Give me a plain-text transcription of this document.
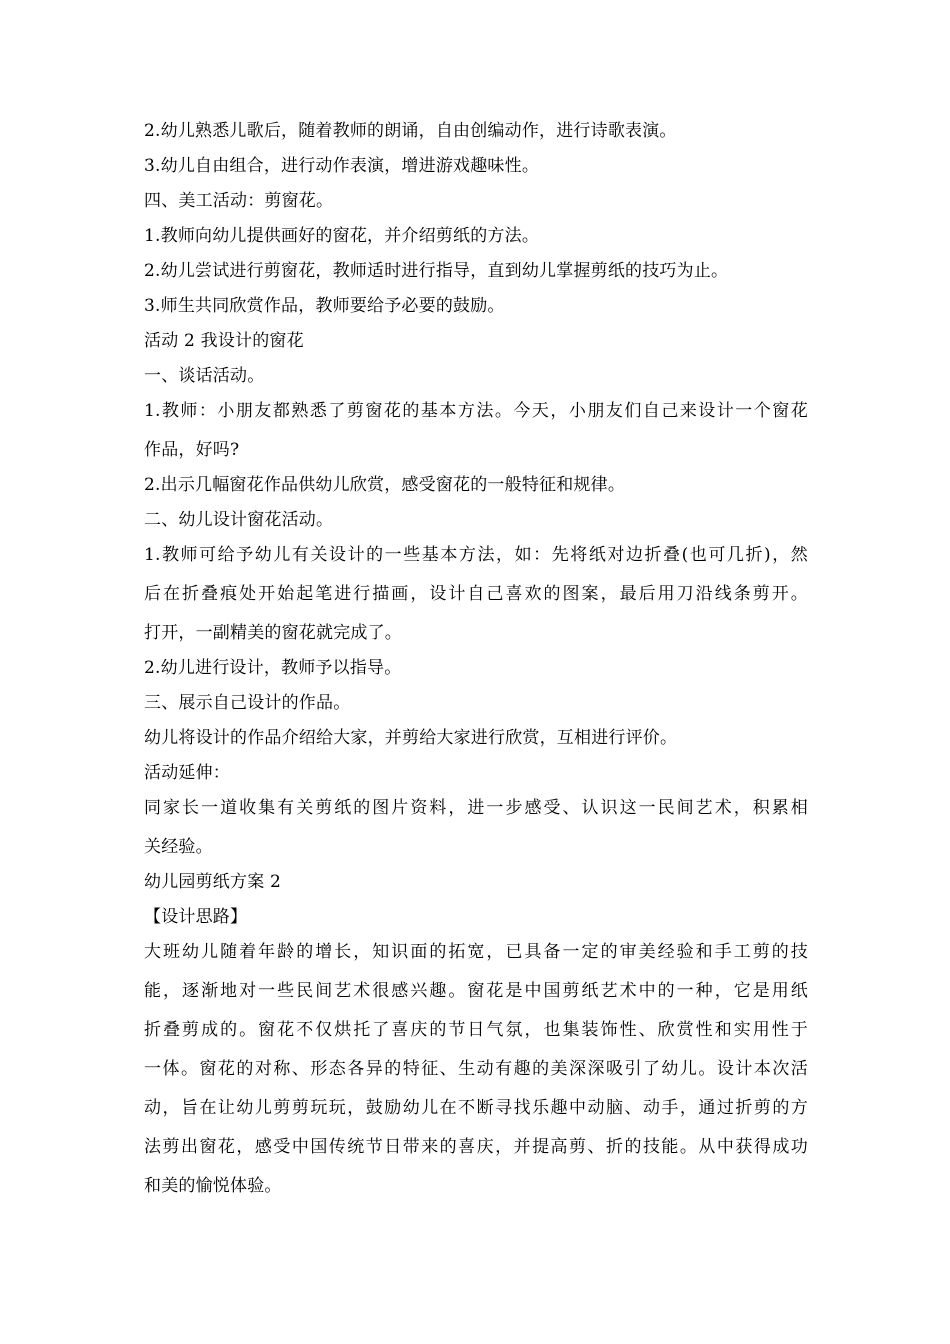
2.幼儿熟悉儿歌后，随着教师的朗诵，自由创编动作，进行诗歌表演。
3.幼儿自由组合，进行动作表演，增进游戏趣味性。
四、美工活动：剪窗花。
1.教师向幼儿提供画好的窗花，并介绍剪纸的方法。
2.幼儿尝试进行剪窗花，教师适时进行指导，直到幼儿掌握剪纸的技巧为止。
3.师生共同欣赏作品，教师要给予必要的鼓励。
活动 2 我设计的窗花
一、谈话活动。
1.教师：小朋友都熟悉了剪窗花的基本方法。今天，小朋友们自己来设计一个窗花
作品，好吗?
2.出示几幅窗花作品供幼儿欣赏，感受窗花的一般特征和规律。
二、幼儿设计窗花活动。
1.教师可给予幼儿有关设计的一些基本方法，如：先将纸对边折叠(也可几折)，然
后在折叠痕处开始起笔进行描画，设计自己喜欢的图案，最后用刀沿线条剪开。
打开，一副精美的窗花就完成了。
2.幼儿进行设计，教师予以指导。
三、展示自己设计的作品。
幼儿将设计的作品介绍给大家，并剪给大家进行欣赏，互相进行评价。
活动延伸：
同家长一道收集有关剪纸的图片资料，进一步感受、认识这一民间艺术，积累相
关经验。
幼儿园剪纸方案 2
【设计思路】
大班幼儿随着年龄的增长，知识面的拓宽，已具备一定的审美经验和手工剪的技
能，逐渐地对一些民间艺术很感兴趣。窗花是中国剪纸艺术中的一种，它是用纸
折叠剪成的。窗花不仅烘托了喜庆的节日气氛，也集装饰性、欣赏性和实用性于
一体。窗花的对称、形态各异的特征、生动有趣的美深深吸引了幼儿。设计本次活
动，旨在让幼儿剪剪玩玩，鼓励幼儿在不断寻找乐趣中动脑、动手，通过折剪的方
法剪出窗花，感受中国传统节日带来的喜庆，并提高剪、折的技能。从中获得成功
和美的愉悦体验。
